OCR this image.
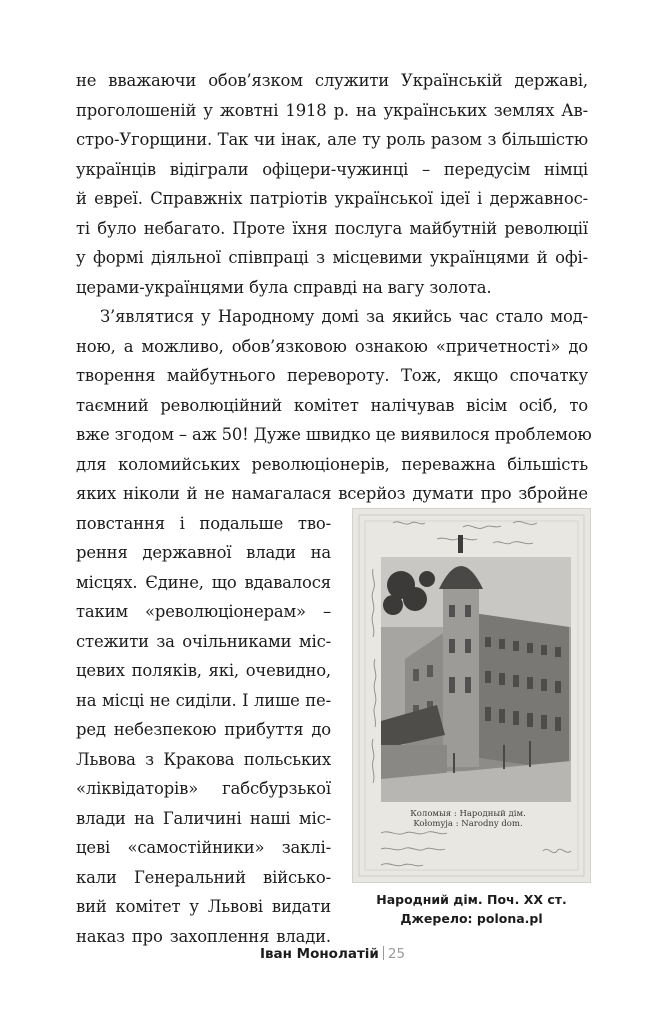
не вважаючи обов’язком служити Українській державі,
проголошеній у жовтні 1918 р. на українських землях Ав-
стро-Угорщини. Так чи інак, але ту роль разом з більшістю
українців відіграли офіцери-чужинці – передусім німці
й евреї. Справжніх патріотів української ідеї і державнос-
ті було небагато. Проте їхня послуга майбутній революції
у формі діяльної співпраці з місцевими українцями й офі-
церами-українцями була справді на вагу золота.
З’являтися у Народному домі за якийсь час стало мод-
ною, а можливо, обов’язковою ознакою «причетності» до
творення майбутнього перевороту. Тож, якщо спочатку
таємний революційний комітет налічував вісім осіб, то
вже згодом – аж 50! Дуже швидко це виявилося проблемою
для коломийських революціонерів, переважна більшість
яких ніколи й не намагалася всерйоз думати про збройне
повстання і подальше тво-
рення державної влади на
місцях. Єдине, що вдавалося
таким «революціонерам» –
стежити за очільниками міс-
цевих поляків, які, очевидно,
на місці не сиділи. І лише пе-
ред небезпекою прибуття до
Львова з Кракова польських
«ліквідаторів» габсбурзької
влади на Галичині наші міс-
цеві «самостійники» заклі-
кали Генеральний військо-
вий комітет у Львові видати
наказ про захоплення влади.
Коломыя : Народный дім.
Kołomyja : Narodny dom.
Народний дім. Поч. XX ст.
Джерело: polona.pl
Іван Монолатій 25
